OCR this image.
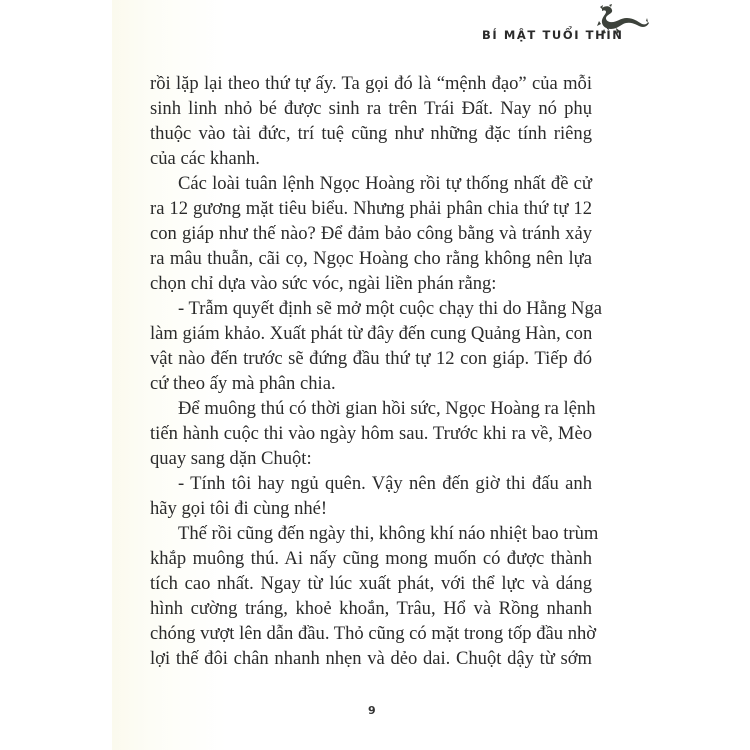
BÍ MẬT TUỔI THÌN
rồi lặp lại theo thứ tự ấy. Ta gọi đó là “mệnh đạo” của mỗi
sinh linh nhỏ bé được sinh ra trên Trái Đất. Nay nó phụ
thuộc vào tài đức, trí tuệ cũng như những đặc tính riêng
của các khanh.
Các loài tuân lệnh Ngọc Hoàng rồi tự thống nhất đề cử
ra 12 gương mặt tiêu biểu. Nhưng phải phân chia thứ tự 12
con giáp như thế nào? Để đảm bảo công bằng và tránh xảy
ra mâu thuẫn, cãi cọ, Ngọc Hoàng cho rằng không nên lựa
chọn chỉ dựa vào sức vóc, ngài liền phán rằng:
- Trẫm quyết định sẽ mở một cuộc chạy thi do Hằng Nga
làm giám khảo. Xuất phát từ đây đến cung Quảng Hàn, con
vật nào đến trước sẽ đứng đầu thứ tự 12 con giáp. Tiếp đó
cứ theo ấy mà phân chia.
Để muông thú có thời gian hồi sức, Ngọc Hoàng ra lệnh
tiến hành cuộc thi vào ngày hôm sau. Trước khi ra về, Mèo
quay sang dặn Chuột:
- Tính tôi hay ngủ quên. Vậy nên đến giờ thi đấu anh
hãy gọi tôi đi cùng nhé!
Thế rồi cũng đến ngày thi, không khí náo nhiệt bao trùm
khắp muông thú. Ai nấy cũng mong muốn có được thành
tích cao nhất. Ngay từ lúc xuất phát, với thể lực và dáng
hình cường tráng, khoẻ khoắn, Trâu, Hổ và Rồng nhanh
chóng vượt lên dẫn đầu. Thỏ cũng có mặt trong tốp đầu nhờ
lợi thế đôi chân nhanh nhẹn và dẻo dai. Chuột dậy từ sớm
9
